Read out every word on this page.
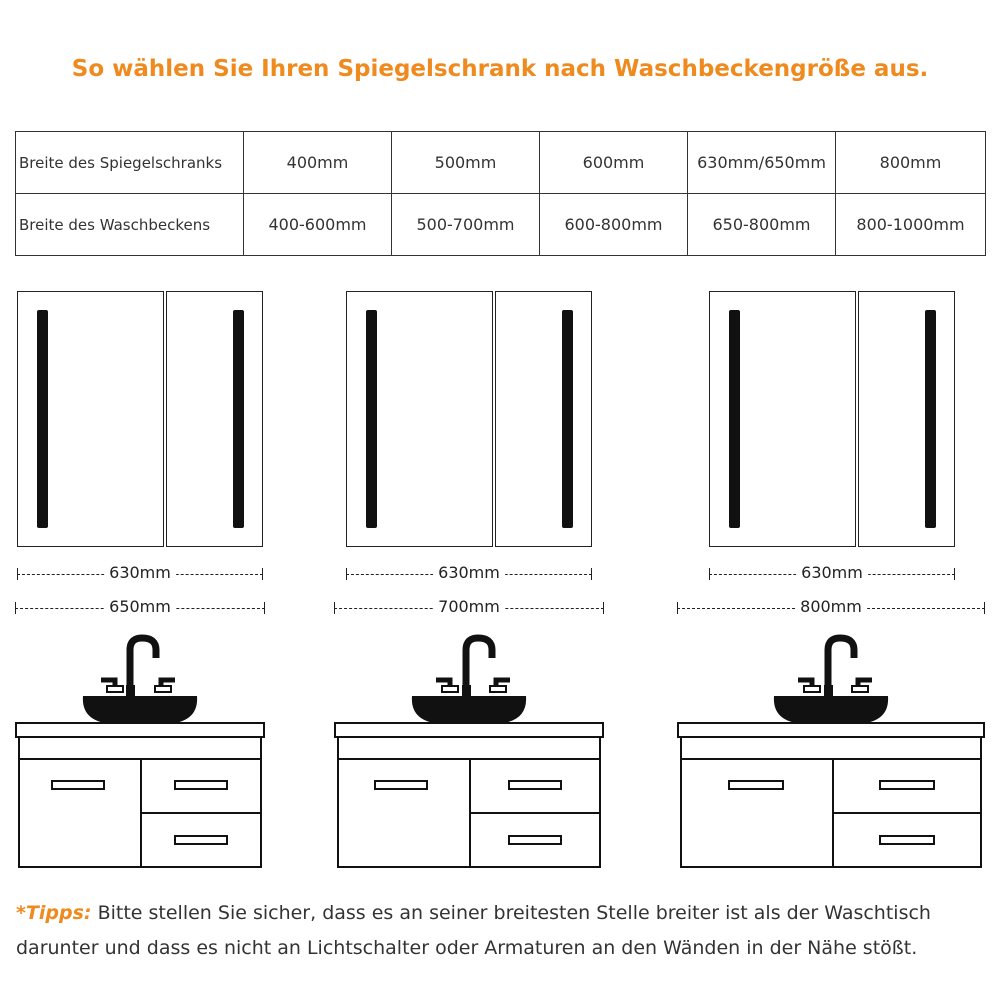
So wählen Sie Ihren Spiegelschrank nach Waschbeckengröße aus.
Breite des Spiegelschranks	400mm	500mm	600mm	630mm/650mm	800mm
Breite des Waschbeckens	400-600mm	500-700mm	600-800mm	650-800mm	800-1000mm
630mm
650mm
630mm
700mm
630mm
800mm
*Tipps: Bitte stellen Sie sicher, dass es an seiner breitesten Stelle breiter ist als der Waschtisch darunter und dass es nicht an Lichtschalter oder Armaturen an den Wänden in der Nähe stößt.
